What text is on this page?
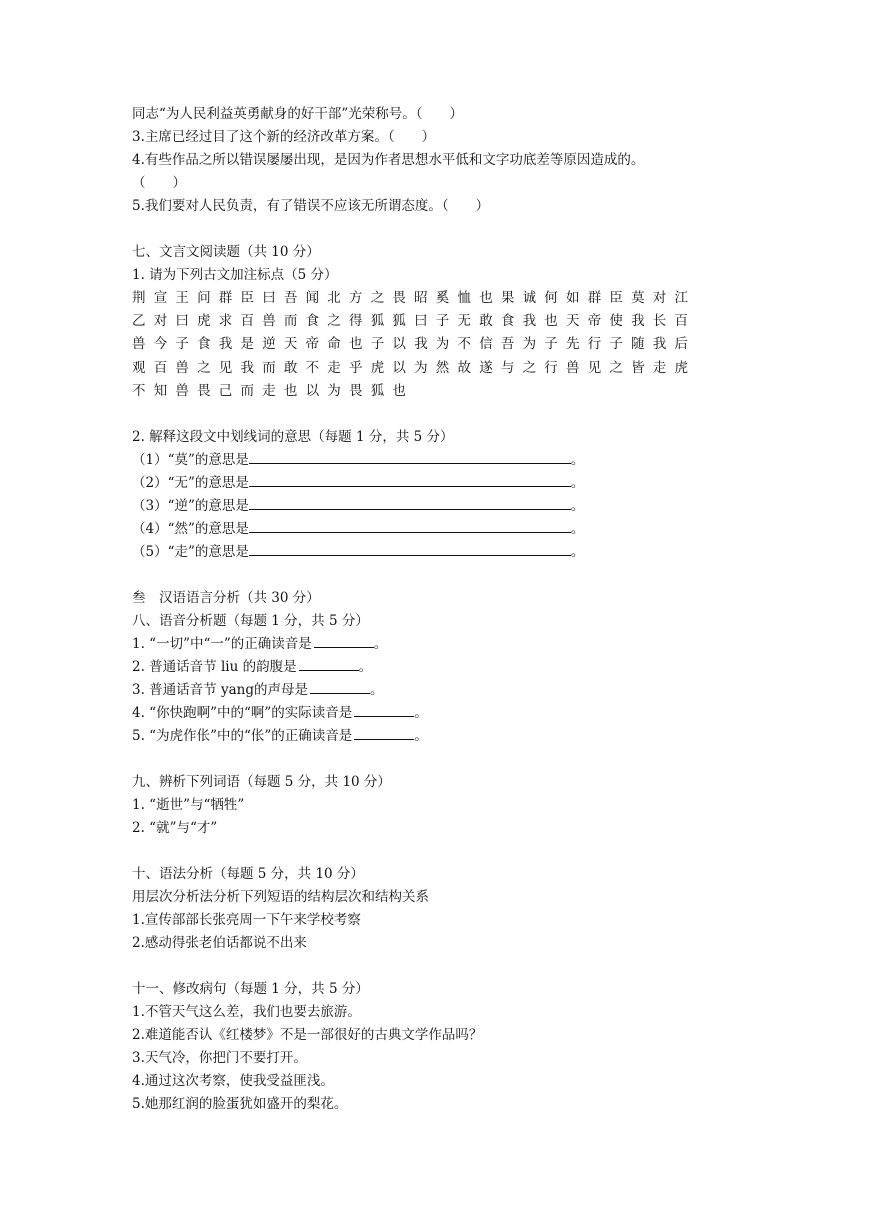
同志“为人民利益英勇献身的好干部”光荣称号。（　　）
3.主席已经过目了这个新的经济改革方案。（　　）
4.有些作品之所以错误屡屡出现，是因为作者思想水平低和文字功底差等原因造成的。
（　　）
5.我们要对人民负责，有了错误不应该无所谓态度。（　　）
七、文言文阅读题（共 10 分）
1. 请为下列古文加注标点（5 分）
荆宣王问群臣曰吾闻北方之畏昭奚恤也果诚何如群臣莫对江
乙对曰虎求百兽而食之得狐狐曰子无敢食我也天帝使我长百
兽今子食我是逆天帝命也子以我为不信吾为子先行子随我后
观百兽之见我而敢不走乎虎以为然故遂与之行兽见之皆走虎
不知兽畏己而走也以为畏狐也
2. 解释这段文中划线词的意思（每题 1 分，共 5 分）
（1）“莫”的意思是	。
（2）“无”的意思是	。
（3）“逆”的意思是	。
（4）“然”的意思是	。
（5）“走”的意思是	。
叁　汉语语言分析（共 30 分）
八、语音分析题（每题 1 分，共 5 分）
1. “一切”中“一”的正确读音是	。
2. 普通话音节 liu 的韵腹是	。
3. 普通话音节 yang的声母是	。
4. “你快跑啊”中的“啊”的实际读音是	。
5. “为虎作伥”中的“伥”的正确读音是	。
九、辨析下列词语（每题 5 分，共 10 分）
1. “逝世”与“牺牲”
2. “就”与“才”
十、语法分析（每题 5 分，共 10 分）
用层次分析法分析下列短语的结构层次和结构关系
1.宣传部部长张亮周一下午来学校考察
2.感动得张老伯话都说不出来
十一、修改病句（每题 1 分，共 5 分）
1.不管天气这么差，我们也要去旅游。
2.难道能否认《红楼梦》不是一部很好的古典文学作品吗？
3.天气冷，你把门不要打开。
4.通过这次考察，使我受益匪浅。
5.她那红润的脸蛋犹如盛开的梨花。
